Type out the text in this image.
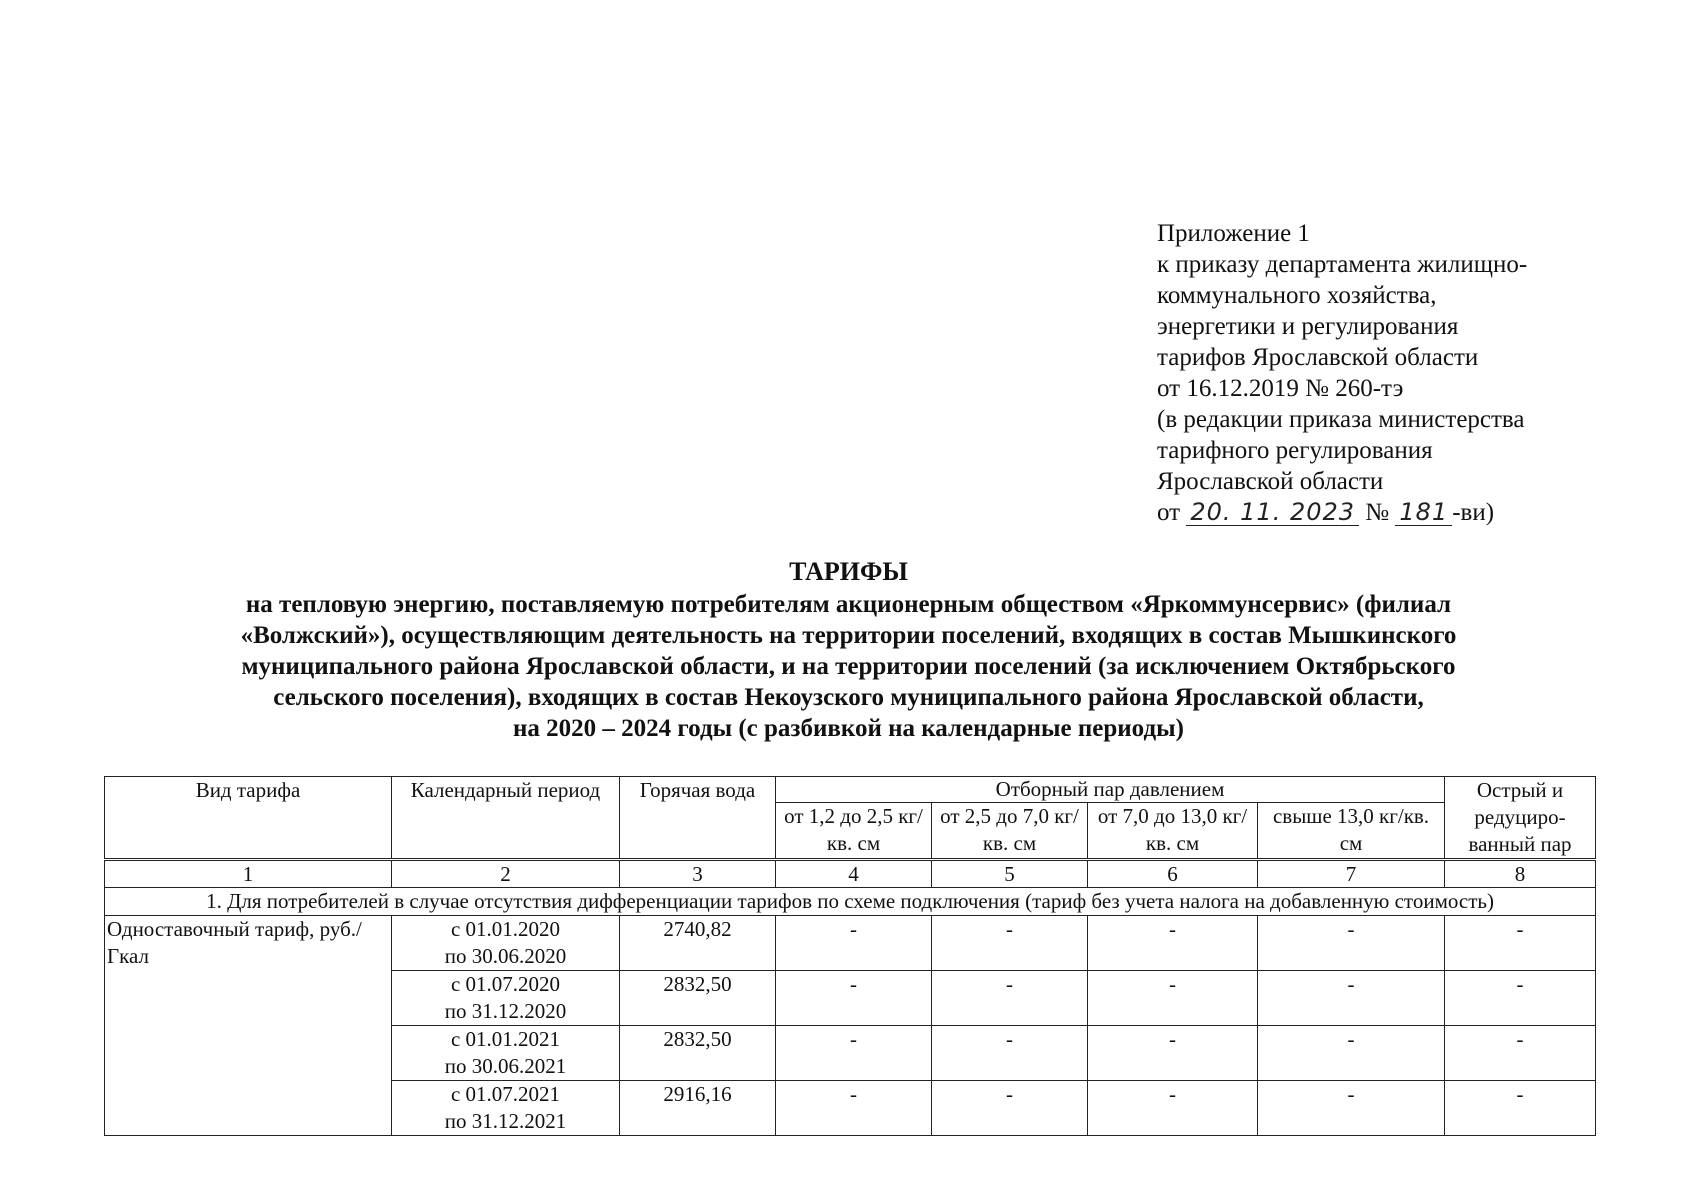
Приложение 1
к приказу департамента жилищно-
коммунального хозяйства,
энергетики и регулирования
тарифов Ярославской области
от 16.12.2019 № 260-тэ
(в редакции приказа министерства
тарифного регулирования
Ярославской области
от 20. 11. 2023 № 181 -ви)
ТАРИФЫ
на тепловую энергию, поставляемую потребителям акционерным обществом «Яркоммунсервис» (филиал
«Волжский»), осуществляющим деятельность на территории поселений, входящих в состав Мышкинского
муниципального района Ярославской области, и на территории поселений (за исключением Октябрьского
сельского поселения), входящих в состав Некоузского муниципального района Ярославской области,
на 2020 – 2024 годы (с разбивкой на календарные периоды)
Вид тарифа	Календарный период	Горячая вода	Отборный пар давлением				Острый и редуциро-ванный пар
			от 1,2 до 2,5 кг/кв. см	от 2,5 до 7,0 кг/кв. см	от 7,0 до 13,0 кг/кв. см	свыше 13,0 кг/кв. см	
1	2	3	4	5	6	7	8
1. Для потребителей в случае отсутствия дифференциации тарифов по схеме подключения (тариф без учета налога на добавленную стоимость)							
Одноставочный тариф, руб./Гкал	с 01.01.2020
по 30.06.2020	2740,82	-	-	-	-	-

	с 01.07.2020
по 31.12.2020	2832,50	-	-	-	-	-

	с 01.01.2021
по 30.06.2021	2832,50	-	-	-	-	-

	с 01.07.2021
по 31.12.2021	2916,16	-	-	-	-	-
